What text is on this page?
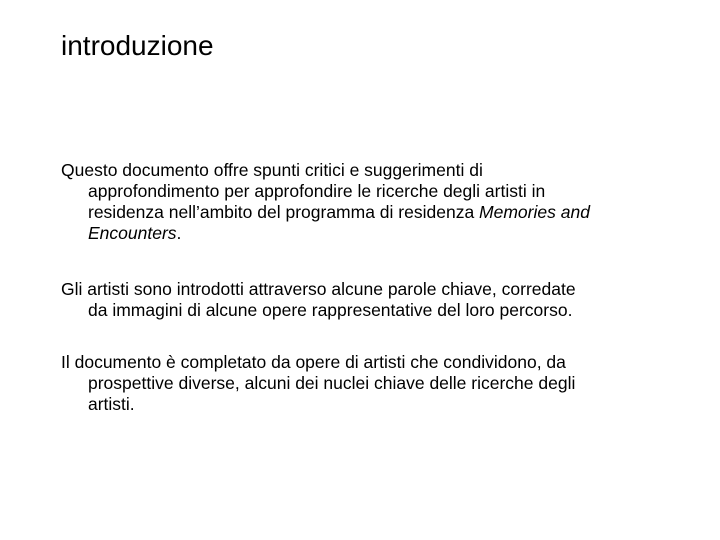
introduzione

Questo documento offre spunti critici e suggerimenti di
approfondimento per approfondire le ricerche degli artisti in
residenza nell’ambito del programma di residenza Memories and Encounters.

Gli artisti sono introdotti attraverso alcune parole chiave, corredate
da immagini di alcune opere rappresentative del loro percorso.

Il documento è completato da opere di artisti che condividono, da
prospettive diverse, alcuni dei nuclei chiave delle ricerche degli
artisti.
